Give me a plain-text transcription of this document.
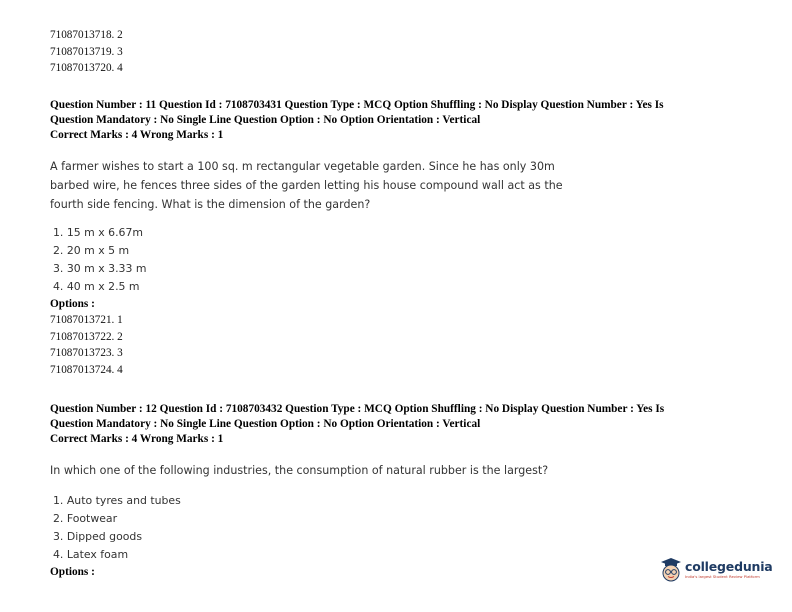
71087013718. 2
71087013719. 3
71087013720. 4
Question Number : 11 Question Id : 7108703431 Question Type : MCQ Option Shuffling : No Display Question Number : Yes Is
Question Mandatory : No Single Line Question Option : No Option Orientation : Vertical
Correct Marks : 4 Wrong Marks : 1
A farmer wishes to start a 100 sq. m rectangular vegetable garden. Since he has only 30m
barbed wire, he fences three sides of the garden letting his house compound wall act as the
fourth side fencing. What is the dimension of the garden?
1. 15 m x 6.67m
2. 20 m x 5 m
3. 30 m x 3.33 m
4. 40 m x 2.5 m
Options :
71087013721. 1
71087013722. 2
71087013723. 3
71087013724. 4
Question Number : 12 Question Id : 7108703432 Question Type : MCQ Option Shuffling : No Display Question Number : Yes Is
Question Mandatory : No Single Line Question Option : No Option Orientation : Vertical
Correct Marks : 4 Wrong Marks : 1
In which one of the following industries, the consumption of natural rubber is the largest?
1. Auto tyres and tubes
2. Footwear
3. Dipped goods
4. Latex foam
Options :	collegedunia
India's largest Student Review Platform
